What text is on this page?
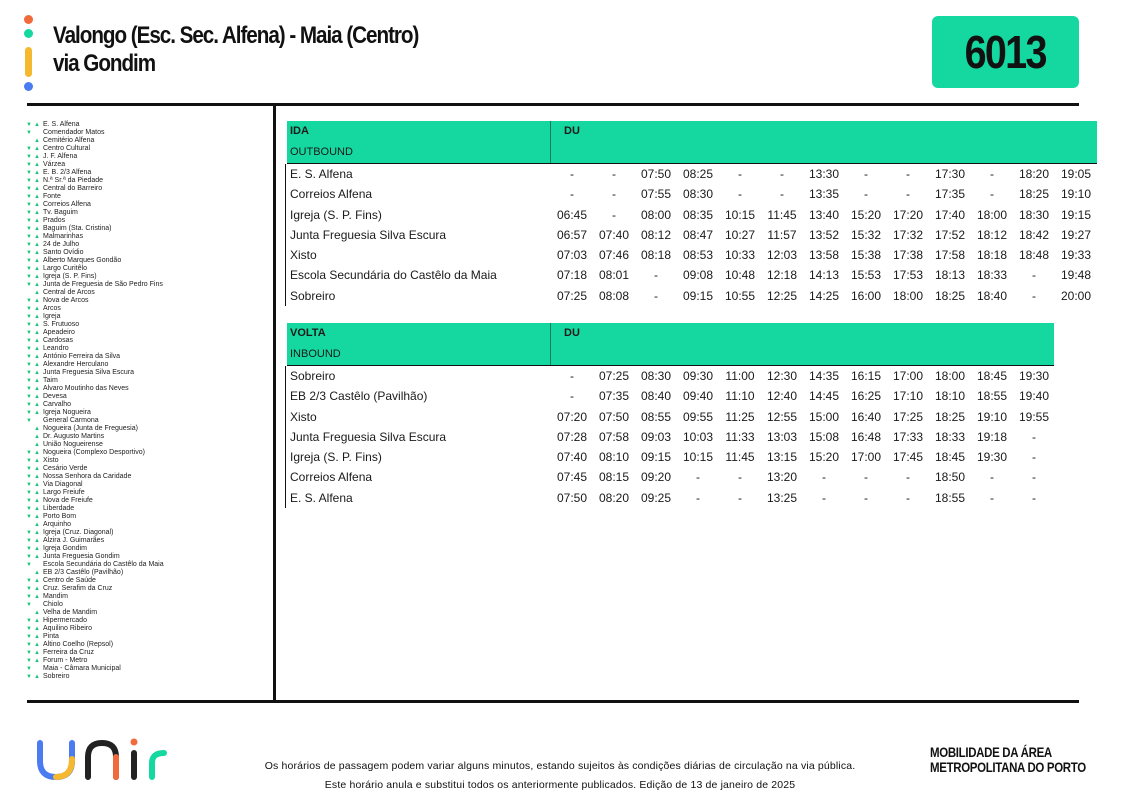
Valongo (Esc. Sec. Alfena) - Maia (Centro)
via Gondim	6013
▼ ▲ E. S. Alfena
▼ Comendador Matos
▲ Cemitério Alfena
▼ ▲ Centro Cultural
▼ ▲ J. F. Alfena
▼ ▲ Várzea
▼ ▲ E. B. 2/3 Alfena
▼ ▲ N.ª Sr.ª da Piedade
▼ ▲ Central do Barreiro
▼ ▲ Fonte
▼ ▲ Correios Alfena
▼ ▲ Tv. Baguim
▼ ▲ Prados
▼ ▲ Baguim (Sta. Cristina)
▼ ▲ Malmarinhas
▼ ▲ 24 de Julho
▼ ▲ Santo Ovídio
▼ ▲ Alberto Marques Gondão
▼ ▲ Largo Curitêlo
▼ ▲ Igreja (S. P. Fins)
▼ ▲ Junta de Freguesia de São Pedro Fins
▲ Central de Arcos
▼ ▲ Nova de Arcos
▼ ▲ Arcos
▼ ▲ Igreja
▼ ▲ S. Frutuoso
▼ ▲ Apeadeiro
▼ ▲ Cardosas
▼ ▲ Leandro
▼ ▲ António Ferreira da Silva
▼ ▲ Alexandre Herculano
▼ ▲ Junta Freguesia Silva Escura
▼ ▲ Taim
▼ ▲ Alvaro Moutinho das Neves
▼ ▲ Devesa
▼ ▲ Carvalho
▼ ▲ Igreja Nogueira
▼ General Carmona
▲ Nogueira (Junta de Freguesia)
▲ Dr. Augusto Martins
▲ União Nogueirense
▼ ▲ Nogueira (Complexo Desportivo)
▼ ▲ Xisto
▼ ▲ Cesário Verde
▼ ▲ Nossa Senhora da Caridade
▼ ▲ Via Diagonal
▼ ▲ Largo Freiufe
▼ ▲ Nova de Freiufe
▼ ▲ Liberdade
▼ ▲ Porto Bom
▲ Arquinho
▼ ▲ Igreja (Cruz. Diagonal)
▼ ▲ Alzira J. Guimarães
▼ ▲ Igreja Gondim
▼ ▲ Junta Freguesia Gondim
▼ Escola Secundária do Castêlo da Maia
▲ EB 2/3 Castêlo (Pavilhão)
▼ ▲ Centro de Saúde
▼ ▲ Cruz. Serafim da Cruz
▼ ▲ Mandim
▼ Chiolo
▲ Velha de Mandim
▼ ▲ Hipermercado
▼ ▲ Aquilino Ribeiro
▼ ▲ Pinta
▼ ▲ Altino Coelho (Repsol)
▼ ▲ Ferreira da Cruz
▼ ▲ Forum - Metro
▼ Maia - Câmara Municipal
▼ ▲ Sobreiro
IDA
OUTBOUND
DU
E. S. Alfena	-	-	07:50 08:25	-	-	13:30	-	-	17:30	-	18:20 19:05
Correios Alfena	-	-	07:55 08:30	-	-	13:35	-	-	17:35	-	18:25 19:10
Igreja (S. P. Fins)	06:45	-	08:00 08:35 10:15	11:45	13:40 15:20 17:20 17:40 18:00 18:30 19:15
Junta Freguesia Silva Escura	06:57 07:40 08:12 08:47 10:27	11:57	13:52 15:32 17:32 17:52 18:12 18:42 19:27
Xisto	07:03 07:46 08:18 08:53 10:33 12:03 13:58 15:38 17:38 17:58 18:18 18:48 19:33
Escola Secundária do Castêlo da Maia	07:18 08:01	-	09:08 10:48 12:18 14:13 15:53 17:53 18:13 18:33	-	19:48
Sobreiro	07:25 08:08	-	09:15 10:55 12:25 14:25 16:00 18:00 18:25 18:40	-	20:00
VOLTA
INBOUND
DU
Sobreiro	-	07:25 08:30 09:30	11:00	12:30 14:35 16:15 17:00 18:00 18:45 19:30
EB 2/3 Castêlo (Pavilhão)	-	07:35 08:40 09:40	11:10	12:40 14:45 16:25 17:10 18:10 18:55 19:40
Xisto	07:20 07:50 08:55 09:55	11:25	12:55 15:00 16:40 17:25 18:25 19:10 19:55
Junta Freguesia Silva Escura	07:28 07:58 09:03 10:03	11:33	13:03 15:08 16:48 17:33 18:33 19:18	-
Igreja (S. P. Fins)	07:40 08:10 09:15 10:15	11:45	13:15 15:20 17:00 17:45 18:45 19:30	-
Correios Alfena	07:45 08:15 09:20	-	-	13:20	-	-	-	18:50	-	-
E. S. Alfena	07:50 08:20 09:25	-	-	13:25	-	-	-	18:55	-	-
Os horários de passagem podem variar alguns minutos, estando sujeitos às condições diárias de circulação na via pública.
Este horário anula e substitui todos os anteriormente publicados. Edição de 13 de janeiro de 2025
MOBILIDADE DA ÁREA
METROPOLITANA DO PORTO
